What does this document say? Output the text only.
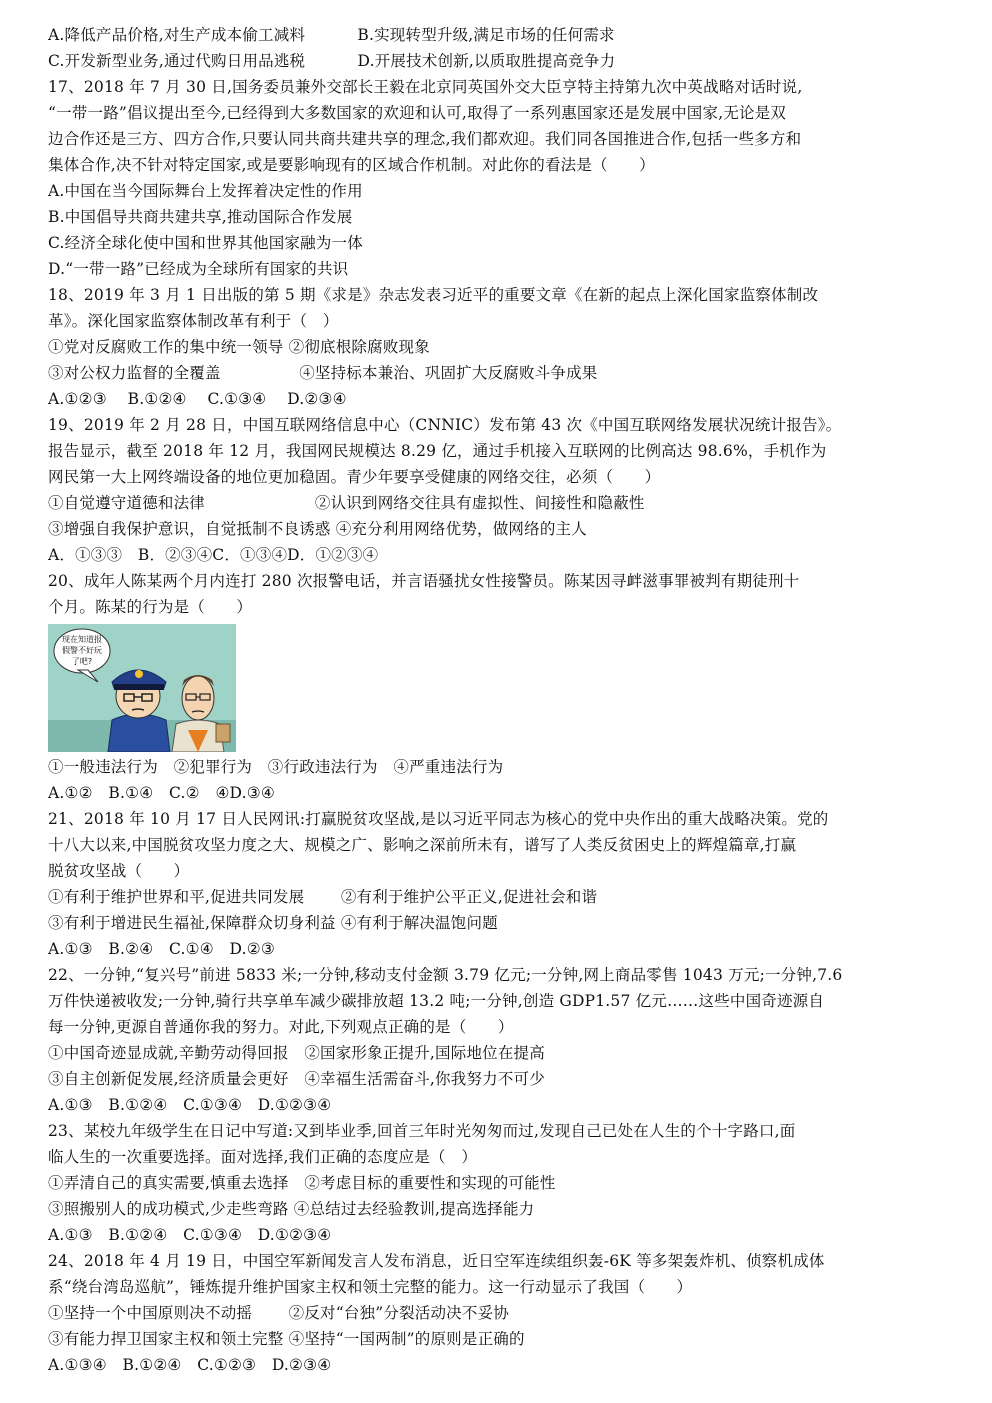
A.降低产品价格,对生产成本偷工减料　　　 B.实现转型升级,满足市场的任何需求
C.开发新型业务,通过代购日用品逃税　　　 D.开展技术创新,以质取胜提高竞争力
17、2018 年 7 月 30 日,国务委员兼外交部长王毅在北京同英国外交大臣亨特主持第九次中英战略对话时说,
“一带一路”倡议提出至今,已经得到大多数国家的欢迎和认可,取得了一系列惠国家还是发展中国家,无论是双
边合作还是三方、四方合作,只要认同共商共建共享的理念,我们都欢迎。我们同各国推进合作,包括一些多方和
集体合作,决不针对特定国家,或是要影响现有的区域合作机制。对此你的看法是（　　）
A.中国在当今国际舞台上发挥着决定性的作用
B.中国倡导共商共建共享,推动国际合作发展
C.经济全球化使中国和世界其他国家融为一体
D.“一带一路”已经成为全球所有国家的共识
18、2019 年 3 月 1 日出版的第 5 期《求是》杂志发表习近平的重要文章《在新的起点上深化国家监察体制改
革》。深化国家监察体制改革有利于（　）
①党对反腐败工作的集中统一领导 ②彻底根除腐败现象
③对公权力监督的全覆盖　　　　　④坚持标本兼治、巩固扩大反腐败斗争成果
A.①②③　 B.①②④　 C.①③④　 D.②③④
19、2019 年 2 月 28 日，中国互联网络信息中心（CNNIC）发布第 43 次《中国互联网络发展状况统计报告》。
报告显示，截至 2018 年 12 月，我国网民规模达 8.29 亿，通过手机接入互联网的比例高达 98.6%，手机作为
网民第一大上网终端设备的地位更加稳固。青少年要享受健康的网络交往，必须（　　）
①自觉遵守道德和法律　　　　　　　②认识到网络交往具有虚拟性、间接性和隐蔽性
③增强自我保护意识，自觉抵制不良诱惑 ④充分利用网络优势，做网络的主人
A．①③③　B．②③④C．①③④D．①②③④
20、成年人陈某两个月内连打 280 次报警电话，并言语骚扰女性接警员。陈某因寻衅滋事罪被判有期徒刑十
个月。陈某的行为是（　　）
现在知道报
假警不好玩
了吧?
①一般违法行为　②犯罪行为　③行政违法行为　④严重违法行为
A.①②　B.①④　C.②　④D.③④
21、2018 年 10 月 17 日人民网讯:打赢脱贫攻坚战,是以习近平同志为核心的党中央作出的重大战略决策。党的
十八大以来,中国脱贫攻坚力度之大、规模之广、影响之深前所未有，谱写了人类反贫困史上的辉煌篇章,打赢
脱贫攻坚战（　　）
①有利于维护世界和平,促进共同发展　　 ②有利于维护公平正义,促进社会和谐
③有利于增进民生福祉,保障群众切身利益 ④有利于解决温饱问题
A.①③　B.②④　C.①④　D.②③
22、一分钟,“复兴号”前进 5833 米;一分钟,移动支付金额 3.79 亿元;一分钟,网上商品零售 1043 万元;一分钟,7.6
万件快递被收发;一分钟,骑行共享单车减少碳排放超 13.2 吨;一分钟,创造 GDP1.57 亿元……这些中国奇迹源自
每一分钟,更源自普通你我的努力。对此,下列观点正确的是（　　）
①中国奇迹显成就,辛勤劳动得回报　②国家形象正提升,国际地位在提高
③自主创新促发展,经济质量会更好　④幸福生活需奋斗,你我努力不可少
A.①③　B.①②④　C.①③④　D.①②③④
23、某校九年级学生在日记中写道:又到毕业季,回首三年时光匆匆而过,发现自己已处在人生的个十字路口,面
临人生的一次重要选择。面对选择,我们正确的态度应是（　）
①弄清自己的真实需要,慎重去选择　②考虑目标的重要性和实现的可能性
③照搬别人的成功模式,少走些弯路 ④总结过去经验教训,提高选择能力
A.①③　B.①②④　C.①③④　D.①②③④
24、2018 年 4 月 19 日，中国空军新闻发言人发布消息，近日空军连续组织轰-6K 等多架轰炸机、侦察机成体
系“绕台湾岛巡航”，锤炼提升维护国家主权和领土完整的能力。这一行动显示了我国（　　）
①坚持一个中国原则决不动摇　　 ②反对“台独”分裂活动决不妥协
③有能力捍卫国家主权和领土完整 ④坚持“一国两制”的原则是正确的
A.①③④　B.①②④　C.①②③　D.②③④
